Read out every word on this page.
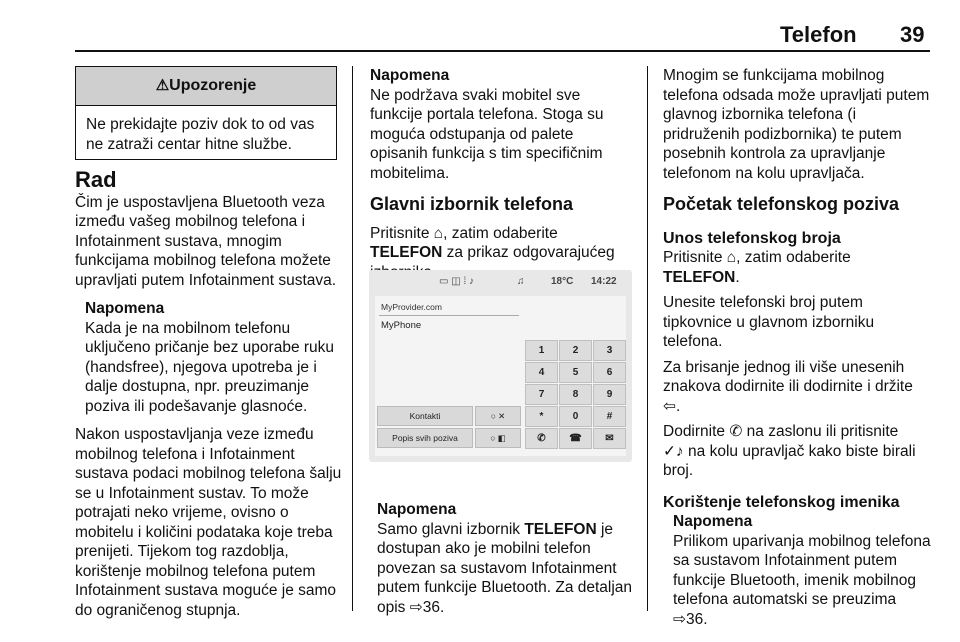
Telefon 39
⚠Upozorenje
Ne prekidajte poziv dok to od vas ne zatraži centar hitne službe.
Rad

Čim je uspostavljena Bluetooth veza između vašeg mobilnog telefona i Infotainment sustava, mnogim funkcijama mobilnog telefona možete upravljati putem Infotainment sustava.

Napomena

Kada je na mobilnom telefonu uključeno pričanje bez uporabe ruku (handsfree), njegova upotreba je i dalje dostupna, npr. preuzimanje poziva ili podešavanje glasnoće.

Nakon uspostavljanja veze između mobilnog telefona i Infotainment sustava podaci mobilnog telefona šalju se u Infotainment sustav. To može potrajati neko vrijeme, ovisno o mobitelu i količini podataka koje treba prenijeti. Tijekom tog razdoblja, korištenje mobilnog telefona putem Infotainment sustava moguće je samo do ograničenog stupnja.

Napomena

Ne podržava svaki mobitel sve funkcije portala telefona. Stoga su moguća odstupanja od palete opisanih funkcija s tim specifičnim mobitelima.

Glavni izbornik telefona

Pritisnite ⌂, zatim odaberite
TELEFON za prikaz odgovarajućeg

▭ ◫ ⁞ ♪	♫	18°C 14:22
MyProvider.com
MyPhone
1	2	3
4	5	6
7	8	9
*	0	#
✆	☎	✉
Kontakti	○ ✕
Popis svih poziva	○ ◧

Napomena

Samo glavni izbornik TELEFON je dostupan ako je mobilni telefon povezan sa sustavom Infotainment putem funkcije Bluetooth. Za detaljan opis ⇨36.

Mnogim se funkcijama mobilnog telefona odsada može upravljati putem glavnog izbornika telefona (i pridruženih podizbornika) te putem posebnih kontrola za upravljanje telefonom na kolu upravljača.

Početak telefonskog poziva
Unos telefonskog broja

Pritisnite ⌂, zatim odaberite
TELEFON.

Unesite telefonski broj putem tipkovnice u glavnom izborniku telefona.

Za brisanje jednog ili više unesenih znakova dodirnite ili dodirnite i držite
⇦.

Dodirnite ✆ na zaslonu ili pritisnite
✓♪ na kolu upravljač kako biste birali broj.

Korištenje telefonskog imenika

Napomena

Prilikom uparivanja mobilnog telefona sa sustavom Infotainment putem funkcije Bluetooth, imenik mobilnog telefona automatski se preuzima ⇨36.
